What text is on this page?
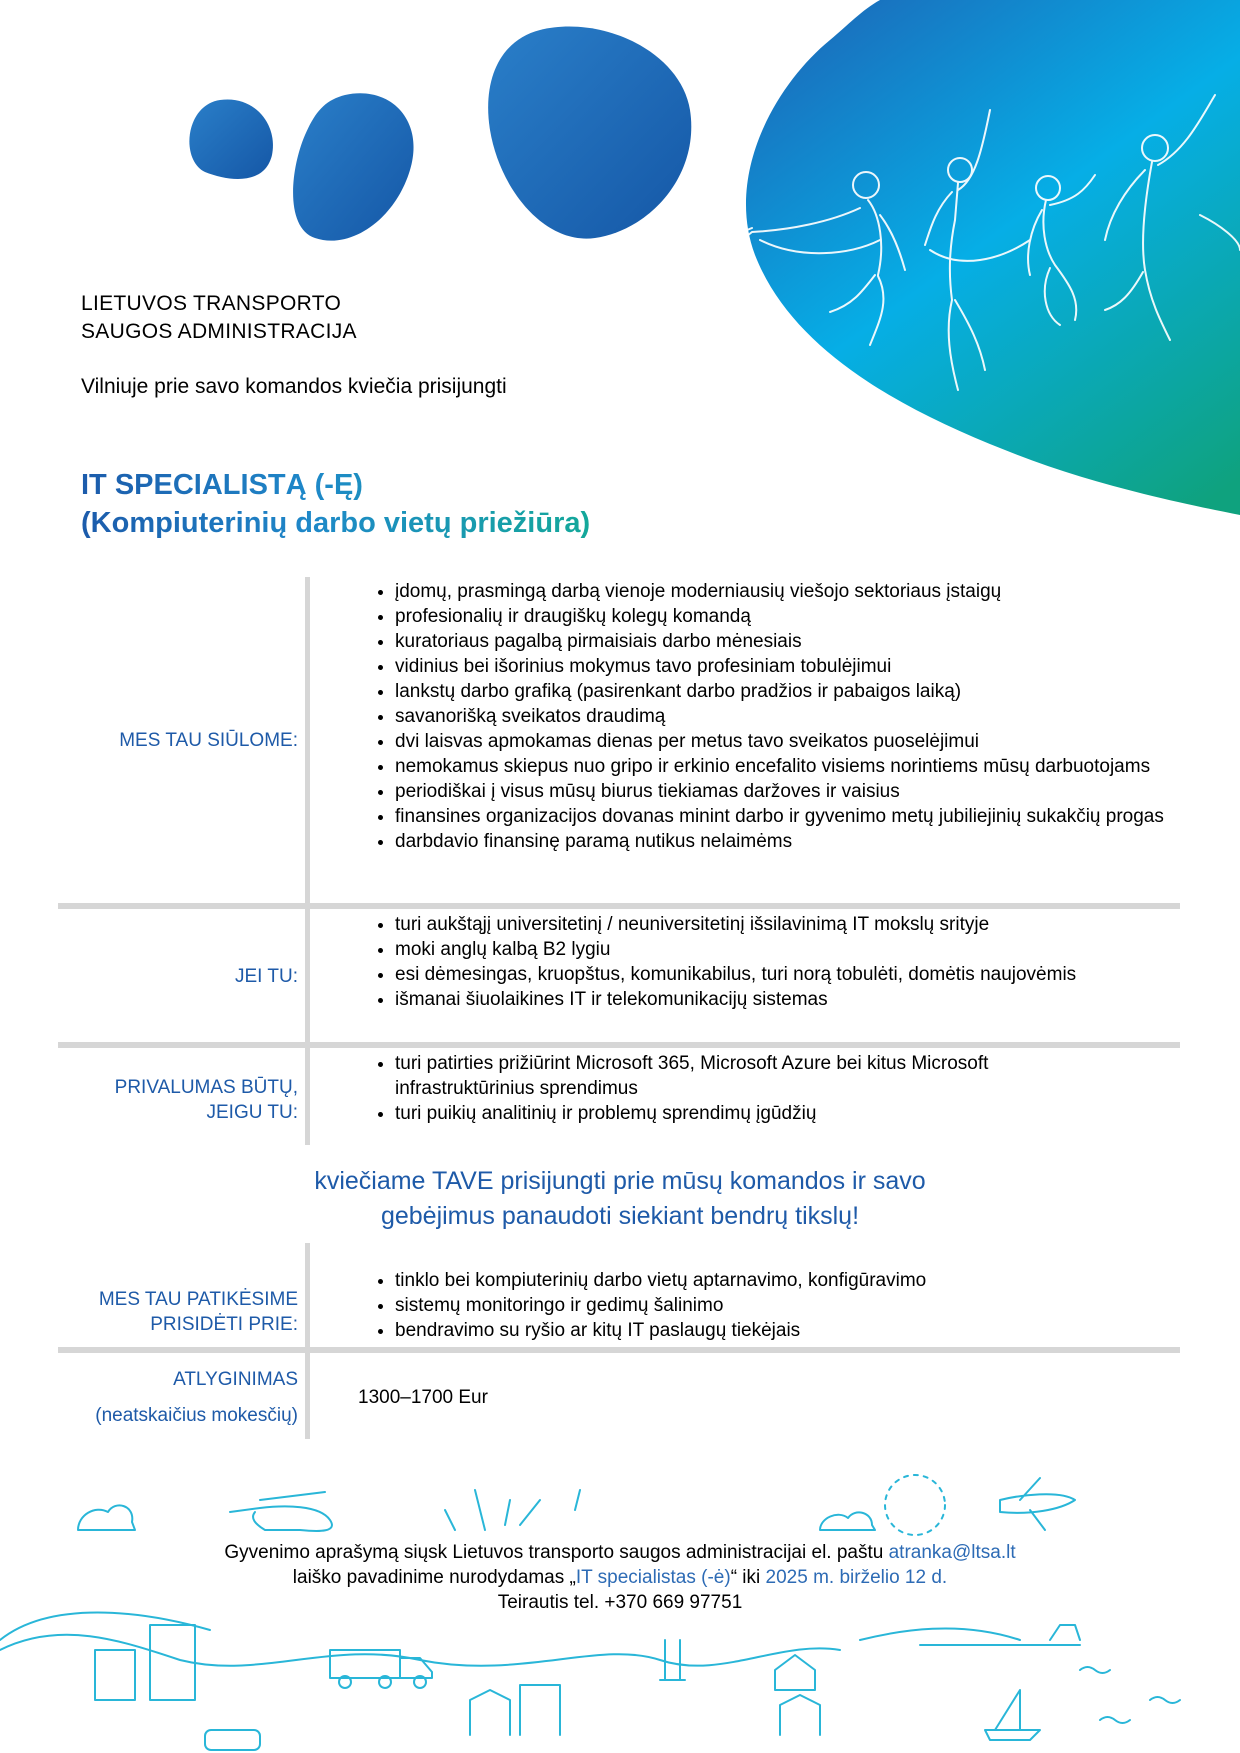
LIETUVOS TRANSPORTO
SAUGOS ADMINISTRACIJA

Vilniuje prie savo komandos kviečia prisijungti

IT SPECIALISTĄ (-Ę)
(Kompiuterinių darbo vietų priežiūra)
MES TAU SIŪLOME:
• įdomų, prasmingą darbą vienoje moderniausių viešojo sektoriaus įstaigų
• profesionalių ir draugiškų kolegų komandą
• kuratoriaus pagalbą pirmaisiais darbo mėnesiais
• vidinius bei išorinius mokymus tavo profesiniam tobulėjimui
• lankstų darbo grafiką (pasirenkant darbo pradžios ir pabaigos laiką)
• savanorišką sveikatos draudimą
• dvi laisvas apmokamas dienas per metus tavo sveikatos puoselėjimui
• nemokamus skiepus nuo gripo ir erkinio encefalito visiems norintiems mūsų darbuotojams
• periodiškai į visus mūsų biurus tiekiamas daržoves ir vaisius
• finansines organizacijos dovanas minint darbo ir gyvenimo metų jubiliejinių sukakčių progas
• darbdavio finansinę paramą nutikus nelaimėms
JEI TU:
• turi aukštąjį universitetinį / neuniversitetinį išsilavinimą IT mokslų srityje
• moki anglų kalbą B2 lygiu
• esi dėmesingas, kruopštus, komunikabilus, turi norą tobulėti, domėtis naujovėmis
• išmanai šiuolaikines IT ir telekomunikacijų sistemas
PRIVALUMAS BŪTŲ,
JEIGU TU:
• turi patirties prižiūrint Microsoft 365, Microsoft Azure bei kitus Microsoft infrastruktūrinius sprendimus
• turi puikių analitinių ir problemų sprendimų įgūdžių

kviečiame TAVE prisijungti prie mūsų komandos ir savo
gebėjimus panaudoti siekiant bendrų tikslų!

MES TAU PATIKĖSIME
PRISIDĖTI PRIE:
• tinklo bei kompiuterinių darbo vietų aptarnavimo, konfigūravimo
• sistemų monitoringo ir gedimų šalinimo
• bendravimo su ryšio ar kitų IT paslaugų tiekėjais
ATLYGINIMAS
(neatskaičius mokesčių)
1300–1700 Eur
Gyvenimo aprašymą siųsk Lietuvos transporto saugos administracijai el. paštu atranka@ltsa.lt
laiško pavadinime nurodydamas „IT specialistas (-ė)“ iki 2025 m. birželio 12 d.
Teirautis tel. +370 669 97751
